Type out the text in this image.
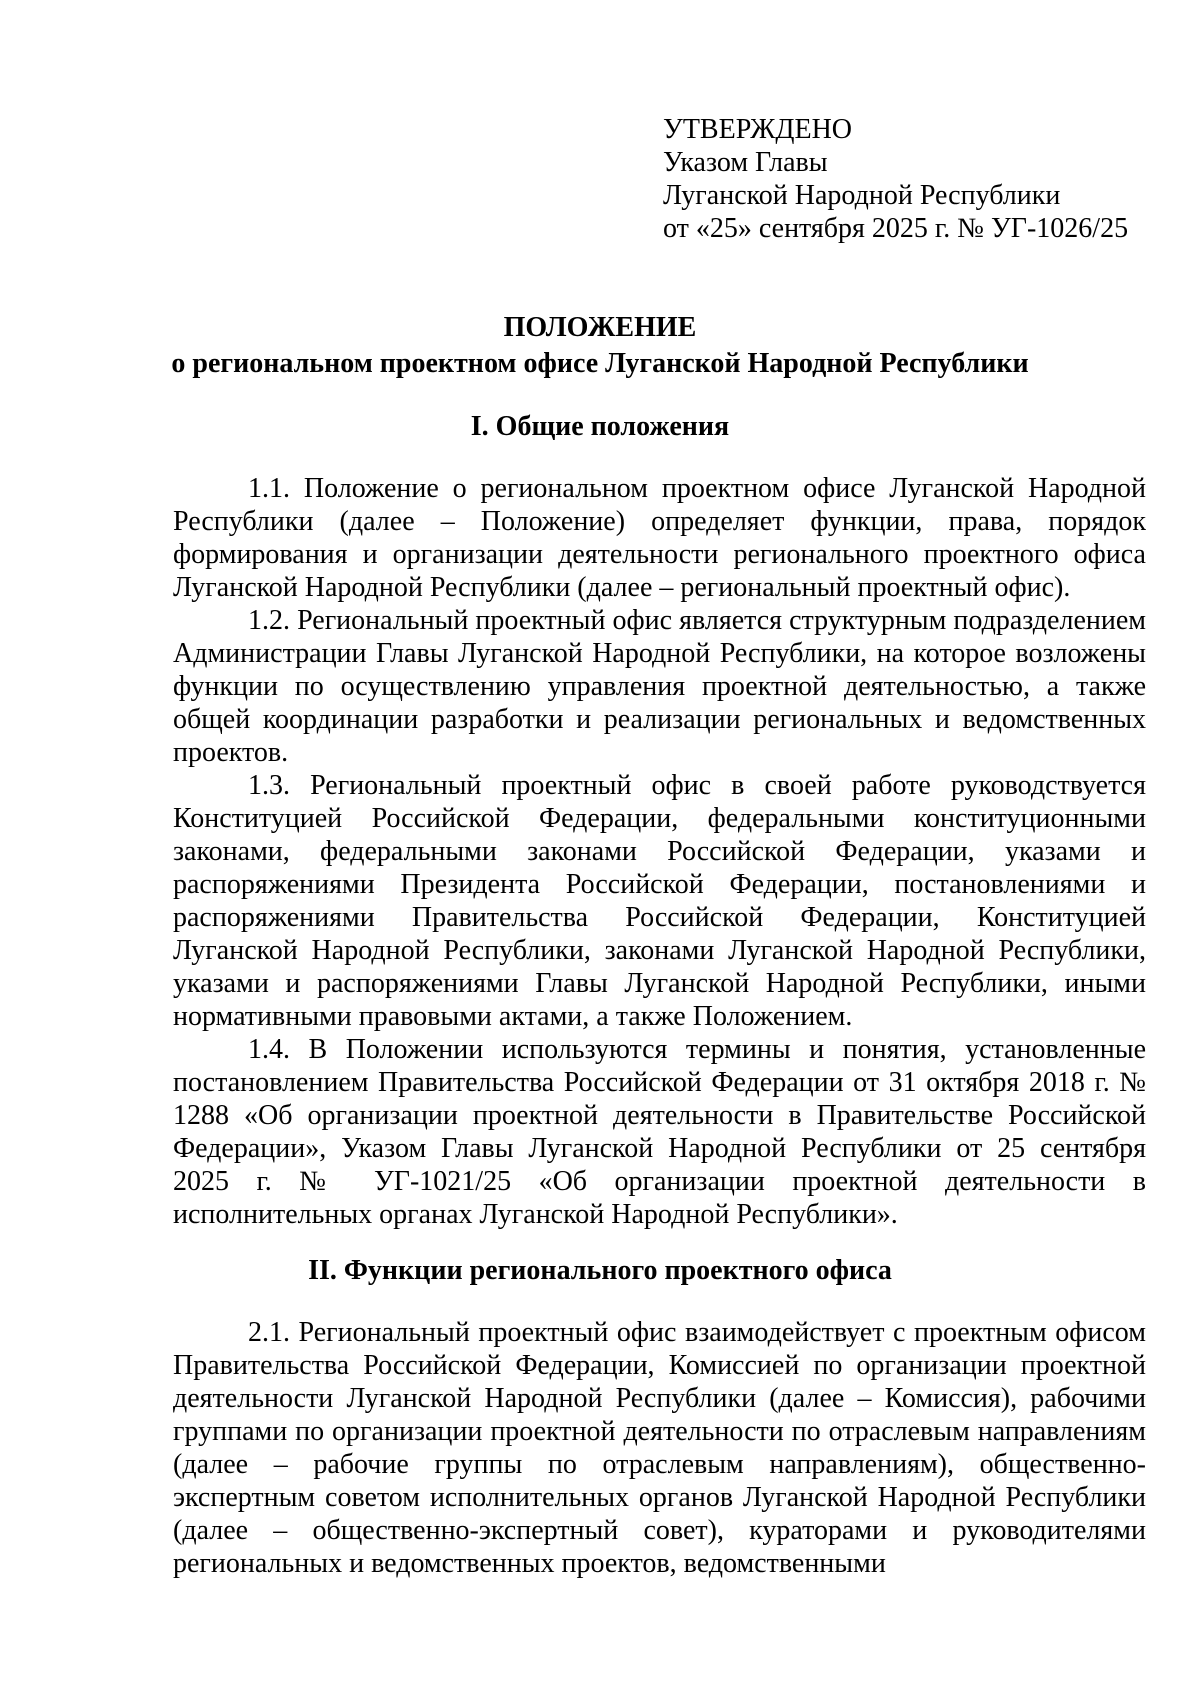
УТВЕРЖДЕНО
Указом Главы
Луганской Народной Республики
от «25» сентября 2025 г. № УГ-1026/25
ПОЛОЖЕНИЕ
о региональном проектном офисе Луганской Народной Республики
I. Общие положения

1.1. Положение о региональном проектном офисе Луганской Народной Республики (далее – Положение) определяет функции, права, порядок формирования и организации деятельности регионального проектного офиса Луганской Народной Республики (далее – региональный проектный офис).

1.2. Региональный проектный офис является структурным подразделением Администрации Главы Луганской Народной Республики, на которое возложены функции по осуществлению управления проектной деятельностью, а также общей координации разработки и реализации региональных и ведомственных проектов.

1.3. Региональный проектный офис в своей работе руководствуется Конституцией Российской Федерации, федеральными конституционными законами, федеральными законами Российской Федерации, указами и распоряжениями Президента Российской Федерации, постановлениями и распоряжениями Правительства Российской Федерации, Конституцией Луганской Народной Республики, законами Луганской Народной Республики, указами и распоряжениями Главы Луганской Народной Республики, иными нормативными правовыми актами, а также Положением.

1.4. В Положении используются термины и понятия, установленные постановлением Правительства Российской Федерации от 31 октября 2018 г. № 1288 «Об организации проектной деятельности в Правительстве Российской Федерации», Указом Главы Луганской Народной Республики от 25 сентября 2025 г. № УГ-1021/25 «Об организации проектной деятельности в исполнительных органах Луганской Народной Республики».

II. Функции регионального проектного офиса

2.1. Региональный проектный офис взаимодействует с проектным офисом Правительства Российской Федерации, Комиссией по организации проектной деятельности Луганской Народной Республики (далее – Комиссия), рабочими группами по организации проектной деятельности по отраслевым направлениям (далее – рабочие группы по отраслевым направлениям), общественно-экспертным советом исполнительных органов Луганской Народной Республики (далее – общественно-экспертный совет), кураторами и руководителями региональных и ведомственных проектов, ведомственными
